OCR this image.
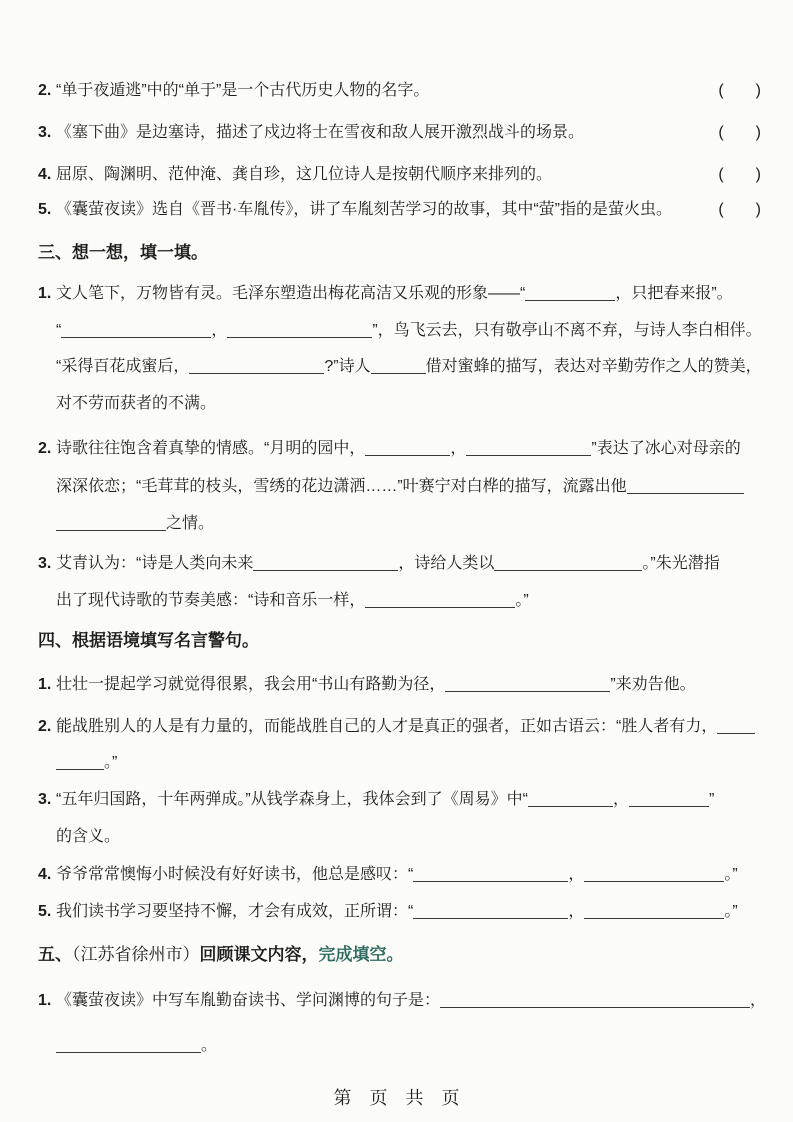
2. “单于夜遁逃”中的“单于”是一个古代历史人物的名字。	(　　)
3. 《塞下曲》是边塞诗，描述了戍边将士在雪夜和敌人展开激烈战斗的场景。	(　　)
4. 屈原、陶渊明、范仲淹、龚自珍，这几位诗人是按朝代顺序来排列的。	(　　)
5. 《囊萤夜读》选自《晋书·车胤传》，讲了车胤刻苦学习的故事，其中“萤”指的是萤火虫。	(　　)
三、想一想，填一填。
1. 文人笔下，万物皆有灵。毛泽东塑造出梅花高洁又乐观的形象——“	，只把春来报”。
“	，	”，鸟飞云去，只有敬亭山不离不弃，与诗人李白相伴。
“采得百花成蜜后，	?”诗人	借对蜜蜂的描写，表达对辛勤劳作之人的赞美，
对不劳而获者的不满。
2. 诗歌往往饱含着真挚的情感。“月明的园中，	，	”表达了冰心对母亲的
深深依恋；“毛茸茸的枝头，雪绣的花边潇洒……”叶赛宁对白桦的描写，流露出他
之情。
3. 艾青认为：“诗是人类向未来	，诗给人类以	。”朱光潜指
出了现代诗歌的节奏美感：“诗和音乐一样，	。”
四、根据语境填写名言警句。
1. 壮壮一提起学习就觉得很累，我会用“书山有路勤为径，	”来劝告他。
2. 能战胜别人的人是有力量的，而能战胜自己的人才是真正的强者，正如古语云：“胜人者有力，
。”
3. “五年归国路，十年两弹成。”从钱学森身上，我体会到了《周易》中“	，	”
的含义。
4. 爷爷常常懊悔小时候没有好好读书，他总是感叹：“	，	。”
5. 我们读书学习要坚持不懈，才会有成效，正所谓：“	，	。”
五、（江苏省徐州市）回顾课文内容，完成填空。
1. 《囊萤夜读》中写车胤勤奋读书、学问渊博的句子是：	，
。
第　页　共　页
